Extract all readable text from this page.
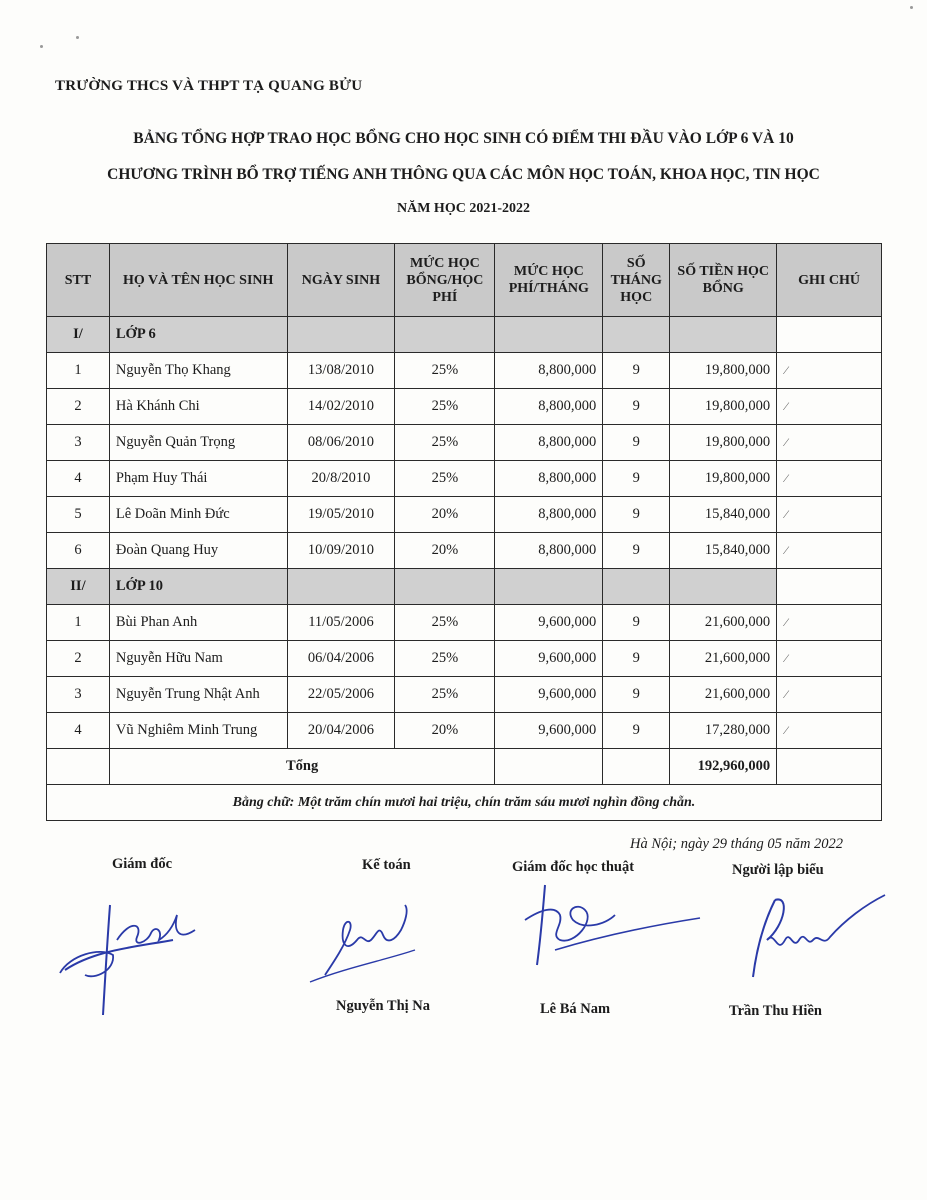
TRƯỜNG THCS VÀ THPT TẠ QUANG BỬU
BẢNG TỔNG HỢP TRAO HỌC BỔNG CHO HỌC SINH CÓ ĐIỂM THI ĐẦU VÀO LỚP 6 VÀ 10
CHƯƠNG TRÌNH BỔ TRỢ TIẾNG ANH THÔNG QUA CÁC MÔN HỌC TOÁN, KHOA HỌC, TIN HỌC
NĂM HỌC 2021-2022
STT	HỌ VÀ TÊN HỌC SINH	NGÀY SINH	MỨC HỌC BỔNG/HỌC PHÍ	MỨC HỌC PHÍ/THÁNG	SỐ THÁNG HỌC	SỐ TIỀN HỌC BỔNG	GHI CHÚ
I/	LỚP 6						
1	Nguyễn Thọ Khang	13/08/2010	25%	8,800,000	9	19,800,000	⁄
2	Hà Khánh Chi	14/02/2010	25%	8,800,000	9	19,800,000	⁄
3	Nguyễn Quản Trọng	08/06/2010	25%	8,800,000	9	19,800,000	⁄
4	Phạm Huy Thái	20/8/2010	25%	8,800,000	9	19,800,000	⁄
5	Lê Doãn Minh Đức	19/05/2010	20%	8,800,000	9	15,840,000	⁄
6	Đoàn Quang Huy	10/09/2010	20%	8,800,000	9	15,840,000	⁄
II/	LỚP 10						
1	Bùi Phan Anh	11/05/2006	25%	9,600,000	9	21,600,000	⁄
2	Nguyễn Hữu Nam	06/04/2006	25%	9,600,000	9	21,600,000	⁄
3	Nguyễn Trung Nhật Anh	22/05/2006	25%	9,600,000	9	21,600,000	⁄
4	Vũ Nghiêm Minh Trung	20/04/2006	20%	9,600,000	9	17,280,000	⁄
	Tổng					192,960,000	
Bằng chữ: Một trăm chín mươi hai triệu, chín trăm sáu mươi nghìn đồng chẵn.							
Hà Nội; ngày 29 tháng 05 năm 2022
Giám đốc	Kế toán	Giám đốc học thuật	Người lập biểu
Nguyễn Thị Na	Lê Bá Nam	Trần Thu Hiền
